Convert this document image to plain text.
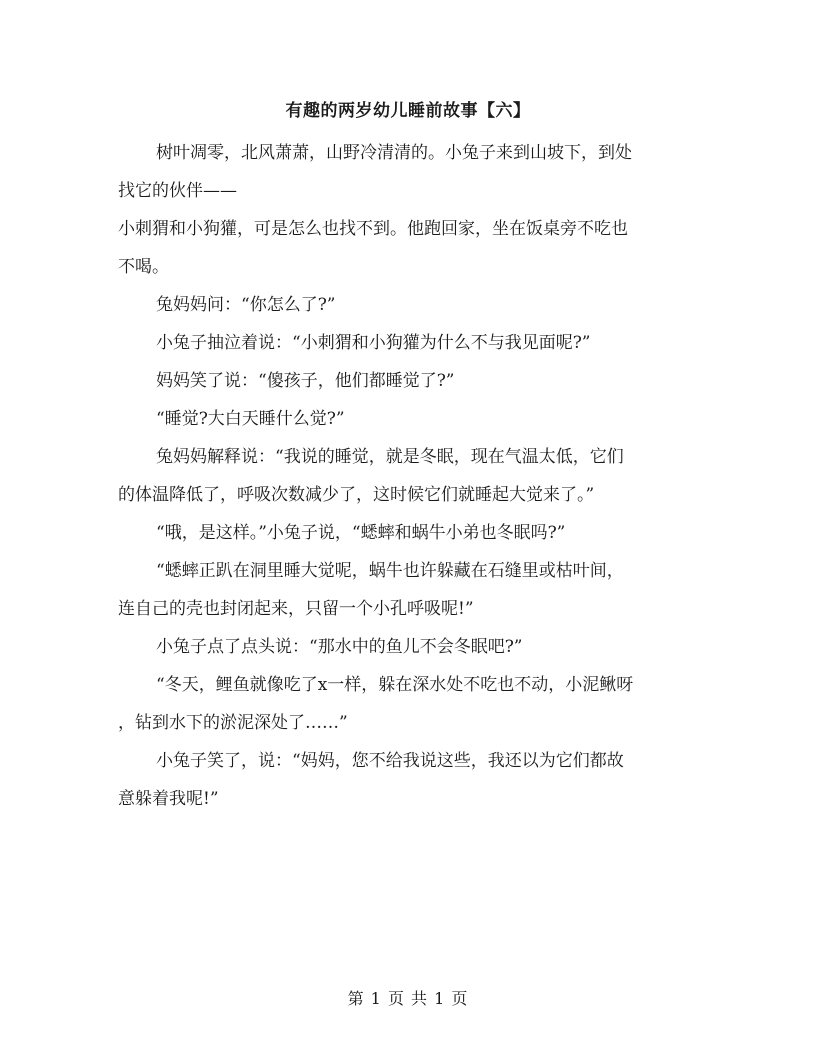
有趣的两岁幼儿睡前故事【六】

树叶凋零，北风萧萧，山野冷清清的。小兔子来到山坡下，到处

找它的伙伴——

小刺猬和小狗獾，可是怎么也找不到。他跑回家，坐在饭桌旁不吃也

不喝。

兔妈妈问：“你怎么了?”

小兔子抽泣着说：“小刺猬和小狗獾为什么不与我见面呢?”

妈妈笑了说：“傻孩子，他们都睡觉了?”

“睡觉?大白天睡什么觉?”

兔妈妈解释说：“我说的睡觉，就是冬眠，现在气温太低，它们

的体温降低了，呼吸次数减少了，这时候它们就睡起大觉来了。”

“哦，是这样。”小兔子说，“蟋蟀和蜗牛小弟也冬眠吗?”

“蟋蟀正趴在洞里睡大觉呢，蜗牛也许躲藏在石缝里或枯叶间，

连自己的壳也封闭起来，只留一个小孔呼吸呢!”

小兔子点了点头说：“那水中的鱼儿不会冬眠吧?”

“冬天，鲤鱼就像吃了x一样，躲在深水处不吃也不动，小泥鳅呀

，钻到水下的淤泥深处了……”

小兔子笑了，说：“妈妈，您不给我说这些，我还以为它们都故

意躲着我呢!”

第 1 页 共 1 页
